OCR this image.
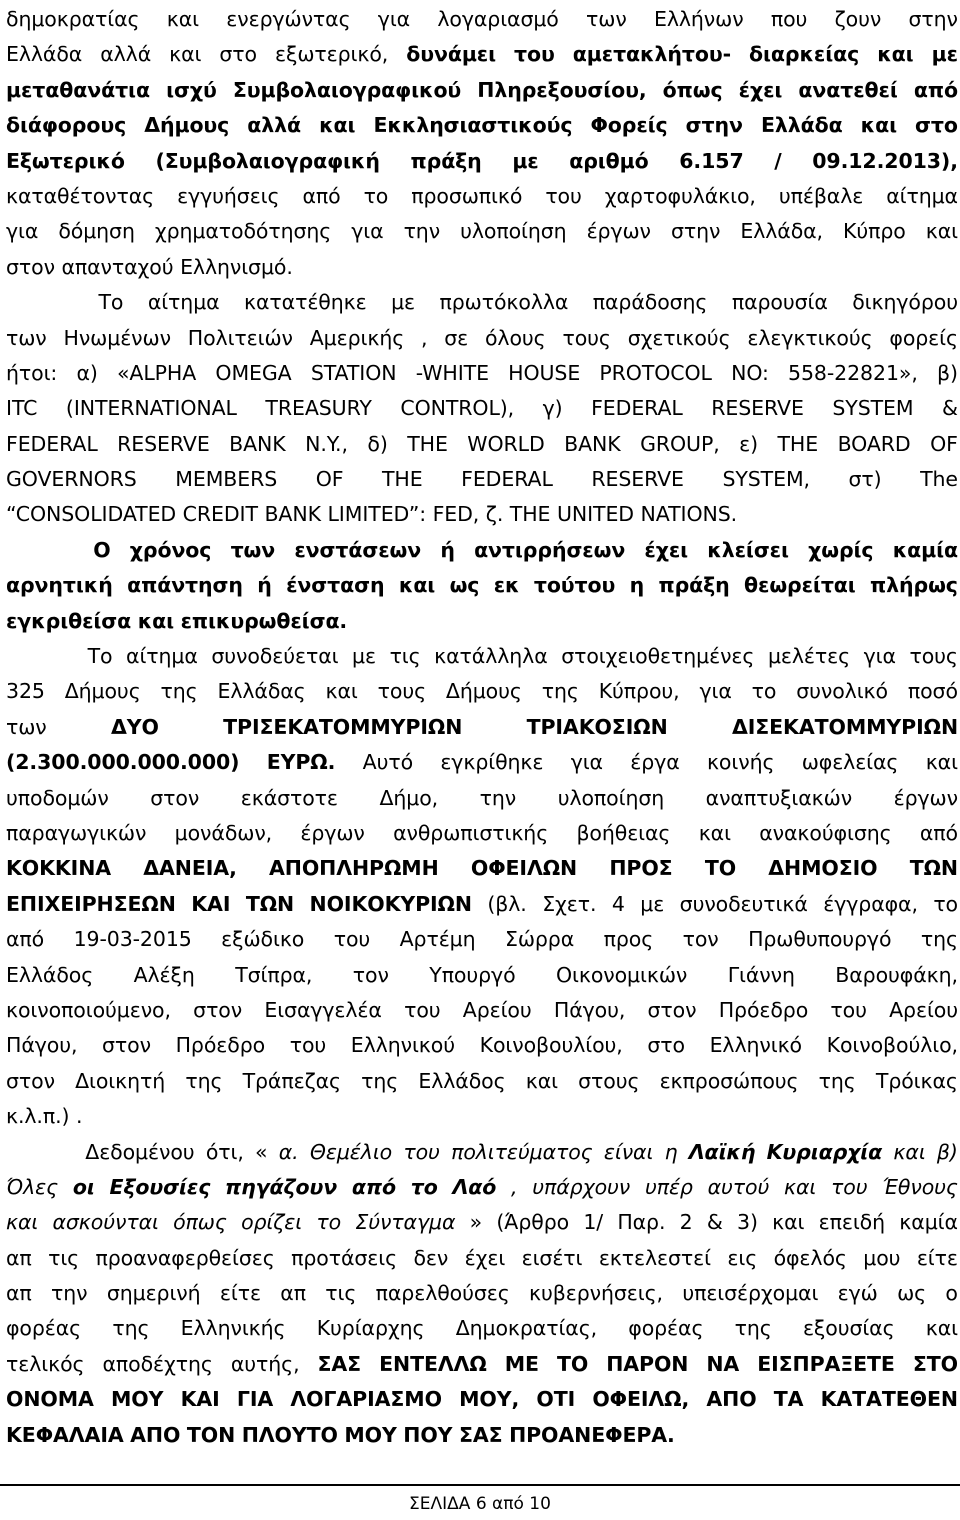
δημοκρατίας και ενεργώντας για λογαριασμό των Ελλήνων που ζουν στην
Ελλάδα αλλά και στο εξωτερικό, δυνάμει του αμετακλήτου- διαρκείας και με
μεταθανάτια ισχύ Συμβολαιογραφικού Πληρεξουσίου, όπως έχει ανατεθεί από
διάφορους Δήμους αλλά και Εκκλησιαστικούς Φορείς στην Ελλάδα και στο
Εξωτερικό (Συμβολαιογραφική πράξη με αριθμό 6.157 / 09.12.2013),
καταθέτοντας εγγυήσεις από το προσωπικό του χαρτοφυλάκιο, υπέβαλε αίτημα
για δόμηση χρηματοδότησης για την υλοποίηση έργων στην Ελλάδα, Κύπρο και
στον απανταχού Ελληνισμό.
Το αίτημα κατατέθηκε με πρωτόκολλα παράδοσης παρουσία δικηγόρου
των Ηνωμένων Πολιτειών Αμερικής , σε όλους τους σχετικούς ελεγκτικούς φορείς
ήτοι: α) «ALPHA OMEGA STATION -WHITE HOUSE PROTOCOL NO: 558-22821», β)
ITC (INTERNATIONAL TREASURY CONTROL), γ) FEDERAL RESERVE SYSTEM &
FEDERAL RESERVE BANK N.Y., δ) THE WORLD BANK GROUP, ε) THE BOARD OF
GOVERNORS MEMBERS OF THE FEDERAL RESERVE SYSTEM, στ) The
“CONSOLIDATED CREDIT BANK LIMITED”: FED, ζ. THE UNITED NATIONS.
Ο χρόνος των ενστάσεων ή αντιρρήσεων έχει κλείσει χωρίς καμία
αρνητική απάντηση ή ένσταση και ως εκ τούτου η πράξη θεωρείται πλήρως
εγκριθείσα και επικυρωθείσα.
Το αίτημα συνοδεύεται με τις κατάλληλα στοιχειοθετημένες μελέτες για τους
325 Δήμους της Ελλάδας και τους Δήμους της Κύπρου, για το συνολικό ποσό
των	ΔΥΟ	ΤΡΙΣΕΚΑΤΟΜΜΥΡΙΩΝ	ΤΡΙΑΚΟΣΙΩΝ	ΔΙΣΕΚΑΤΟΜΜΥΡΙΩΝ
(2.300.000.000.000) ΕΥΡΩ. Αυτό εγκρίθηκε για έργα κοινής ωφελείας και
υποδομών στον εκάστοτε Δήμο, την υλοποίηση αναπτυξιακών έργων
παραγωγικών μονάδων, έργων ανθρωπιστικής βοήθειας και ανακούφισης από
ΚΟΚΚΙΝΑ ΔΑΝΕΙΑ, ΑΠΟΠΛΗΡΩΜΗ ΟΦΕΙΛΩΝ ΠΡΟΣ ΤΟ ΔΗΜΟΣΙΟ ΤΩΝ
ΕΠΙΧΕΙΡΗΣΕΩΝ ΚΑΙ ΤΩΝ ΝΟΙΚΟΚΥΡΙΩΝ (βλ. Σχετ. 4 με συνοδευτικά έγγραφα, το
από 19-03-2015 εξώδικο του Αρτέμη Σώρρα προς τον Πρωθυπουργό της
Ελλάδος Αλέξη Τσίπρα, τον Υπουργό Οικονομικών Γιάννη Βαρουφάκη,
κοινοποιούμενο, στον Εισαγγελέα του Αρείου Πάγου, στον Πρόεδρο του Αρείου
Πάγου, στον Πρόεδρο του Ελληνικού Κοινοβουλίου, στο Ελληνικό Κοινοβούλιο,
στον Διοικητή της Τράπεζας της Ελλάδος και στους εκπροσώπους της Τρόικας
κ.λ.π.) .
Δεδομένου ότι, « α. Θεμέλιο του πολιτεύματος είναι η Λαϊκή Κυριαρχία και β)
Όλες οι Εξουσίες πηγάζουν από το Λαό , υπάρχουν υπέρ αυτού και του Έθνους
και ασκούνται όπως ορίζει το Σύνταγμα » (Άρθρο 1/ Παρ. 2 & 3) και επειδή καμία
απ τις προαναφερθείσες προτάσεις δεν έχει εισέτι εκτελεστεί εις όφελός μου είτε
απ την σημερινή είτε απ τις παρελθούσες κυβερνήσεις, υπεισέρχομαι εγώ ως ο
φορέας της Ελληνικής Κυρίαρχης Δημοκρατίας, φορέας της εξουσίας και
τελικός αποδέχτης αυτής, ΣΑΣ ΕΝΤΕΛΛΩ ΜΕ ΤΟ ΠΑΡΟΝ ΝΑ ΕΙΣΠΡΑΞΕΤΕ ΣΤΟ
ΟΝΟΜΑ ΜΟΥ ΚΑΙ ΓΙΑ ΛΟΓΑΡΙΑΣΜΟ ΜΟΥ, ΟΤΙ ΟΦΕΙΛΩ, ΑΠΟ ΤΑ ΚΑΤΑΤΕΘΕΝ
ΚΕΦΑΛΑΙΑ ΑΠΟ ΤΟΝ ΠΛΟΥΤΟ ΜΟΥ ΠΟΥ ΣΑΣ ΠΡΟΑΝΕΦΕΡΑ.
ΣΕΛΙΔΑ 6 από 10
